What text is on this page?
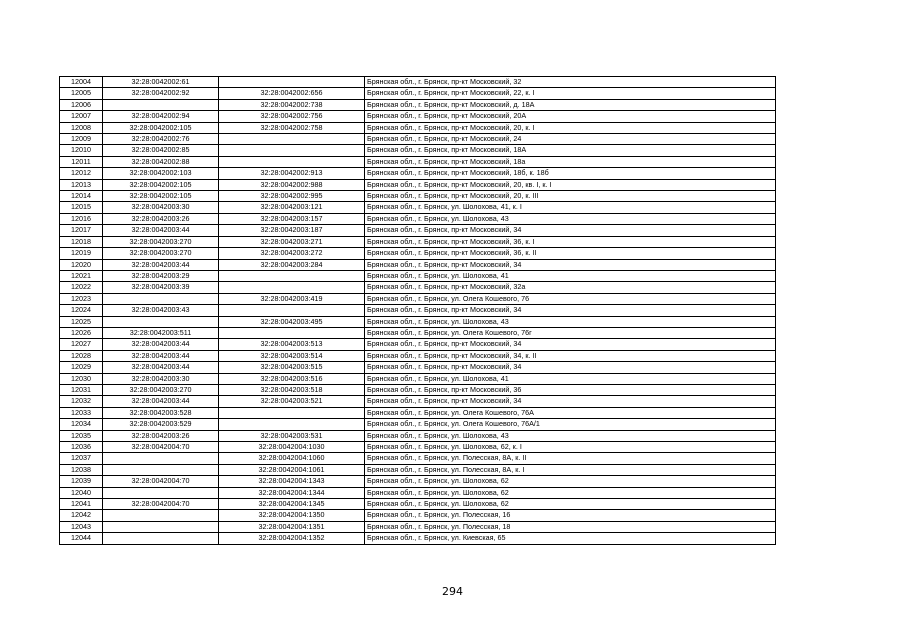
12004	32:28:0042002:61		Брянская обл., г. Брянск, пр-кт Московский, 32
12005	32:28:0042002:92	32:28:0042002:656	Брянская обл., г. Брянск, пр-кт Московский, 22, к. I
12006		32:28:0042002:738	Брянская обл., г. Брянск, пр-кт Московский, д. 18А
12007	32:28:0042002:94	32:28:0042002:756	Брянская обл., г. Брянск, пр-кт Московский, 20А
12008	32:28:0042002:105	32:28:0042002:758	Брянская обл., г. Брянск, пр-кт Московский, 20, к. I
12009	32:28:0042002:76		Брянская обл., г. Брянск, пр-кт Московский, 24
12010	32:28:0042002:85		Брянская обл., г. Брянск, пр-кт Московский, 18А
12011	32:28:0042002:88		Брянская обл., г. Брянск, пр-кт Московский, 18а
12012	32:28:0042002:103	32:28:0042002:913	Брянская обл., г. Брянск, пр-кт Московский, 18б, к. 18б
12013	32:28:0042002:105	32:28:0042002:988	Брянская обл., г. Брянск, пр-кт Московский, 20, кв. I, к. I
12014	32:28:0042002:105	32:28:0042002:995	Брянская обл., г. Брянск, пр-кт Московский, 20, к. III
12015	32:28:0042003:30	32:28:0042003:121	Брянская обл., г. Брянск, ул. Шолохова, 41, к. I
12016	32:28:0042003:26	32:28:0042003:157	Брянская обл., г. Брянск, ул. Шолохова, 43
12017	32:28:0042003:44	32:28:0042003:187	Брянская обл., г. Брянск, пр-кт Московский, 34
12018	32:28:0042003:270	32:28:0042003:271	Брянская обл., г. Брянск, пр-кт Московский, 36, к. I
12019	32:28:0042003:270	32:28:0042003:272	Брянская обл., г. Брянск, пр-кт Московский, 36, к. II
12020	32:28:0042003:44	32:28:0042003:284	Брянская обл., г. Брянск, пр-кт Московский, 34
12021	32:28:0042003:29		Брянская обл., г. Брянск, ул. Шолохова, 41
12022	32:28:0042003:39		Брянская обл., г. Брянск, пр-кт Московский, 32а
12023		32:28:0042003:419	Брянская обл., г. Брянск, ул. Олега Кошевого, 76
12024	32:28:0042003:43		Брянская обл., г. Брянск, пр-кт Московский, 34
12025		32:28:0042003:495	Брянская обл., г. Брянск, ул. Шолохова, 43
12026	32:28:0042003:511		Брянская обл., г. Брянск, ул. Олега Кошевого, 76г
12027	32:28:0042003:44	32:28:0042003:513	Брянская обл., г. Брянск, пр-кт Московский, 34
12028	32:28:0042003:44	32:28:0042003:514	Брянская обл., г. Брянск, пр-кт Московский, 34, к. II
12029	32:28:0042003:44	32:28:0042003:515	Брянская обл., г. Брянск, пр-кт Московский, 34
12030	32:28:0042003:30	32:28:0042003:516	Брянская обл., г. Брянск, ул. Шолохова, 41
12031	32:28:0042003:270	32:28:0042003:518	Брянская обл., г. Брянск, пр-кт Московский, 36
12032	32:28:0042003:44	32:28:0042003:521	Брянская обл., г. Брянск, пр-кт Московский, 34
12033	32:28:0042003:528		Брянская обл., г. Брянск, ул. Олега Кошевого, 76А
12034	32:28:0042003:529		Брянская обл., г. Брянск, ул. Олега Кошевого, 76А/1
12035	32:28:0042003:26	32:28:0042003:531	Брянская обл., г. Брянск, ул. Шолохова, 43
12036	32:28:0042004:70	32:28:0042004:1030	Брянская обл., г. Брянск, ул. Шолохова, 62, к. I
12037		32:28:0042004:1060	Брянская обл., г. Брянск, ул. Полесская, 8А, к. II
12038		32:28:0042004:1061	Брянская обл., г. Брянск, ул. Полесская, 8А, к. I
12039	32:28:0042004:70	32:28:0042004:1343	Брянская обл., г. Брянск, ул. Шолохова, 62
12040		32:28:0042004:1344	Брянская обл., г. Брянск, ул. Шолохова, 62
12041	32:28:0042004:70	32:28:0042004:1345	Брянская обл., г. Брянск, ул. Шолохова, 62
12042		32:28:0042004:1350	Брянская обл., г. Брянск, ул. Полесская, 16
12043		32:28:0042004:1351	Брянская обл., г. Брянск, ул. Полесская, 18
12044		32:28:0042004:1352	Брянская обл., г. Брянск, ул. Киевская, 65
294
